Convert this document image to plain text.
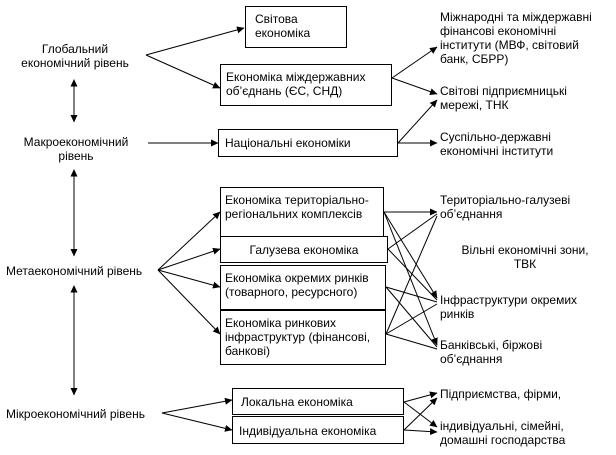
Глобальний
економічний рівень

Макроекономічний
рівень

Метаекономічний рівень

Мікроекономічний рівень

Світова
економіка

Економіка міждержавних
об’єднань (ЄС, СНД)

Національні економіки

Економіка територіально-
регіональних комплексів

Галузева економіка

Економіка окремих ринків
(товарного, ресурсного)

Економіка ринкових
інфраструктур (фінансові,
банкові)

Локальна економіка

Індивідуальна економіка

Міжнародні та міждержавні
фінансові економічні
інститути (МВФ, світовий
банк, СБРР)

Світові підприємницькі
мережі, ТНК

Суспільно-державні
економічні інститути

Територіально-галузеві
об’єднання

Вільні економічні зони,
ТВК

Інфраструктури окремих
ринків

Банківські, біржові
об’єднання

Підприємства, фірми,

індивідуальні, сімейні,
домашні господарства
